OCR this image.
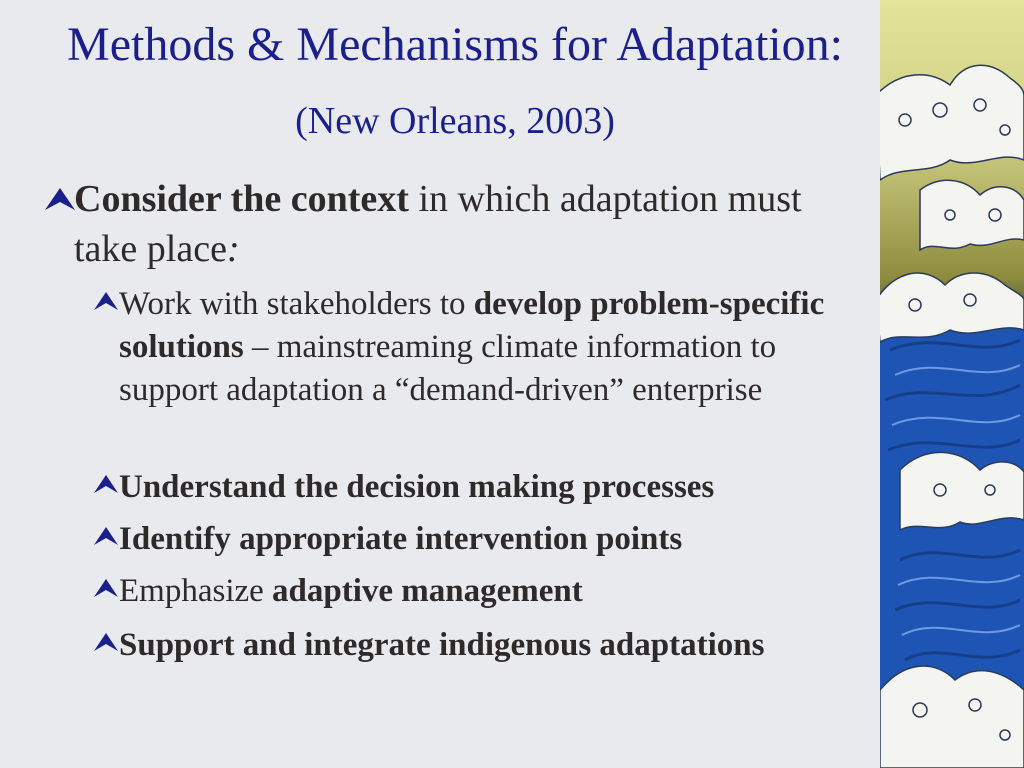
Methods & Mechanisms for Adaptation:
(New Orleans, 2003)
Consider the context in which adaptation must take place:
Work with stakeholders to develop problem-specific solutions – mainstreaming climate information to support adaptation a “demand-driven” enterprise
Understand the decision making processes
Identify appropriate intervention points
Emphasize adaptive management
Support and integrate indigenous adaptations
